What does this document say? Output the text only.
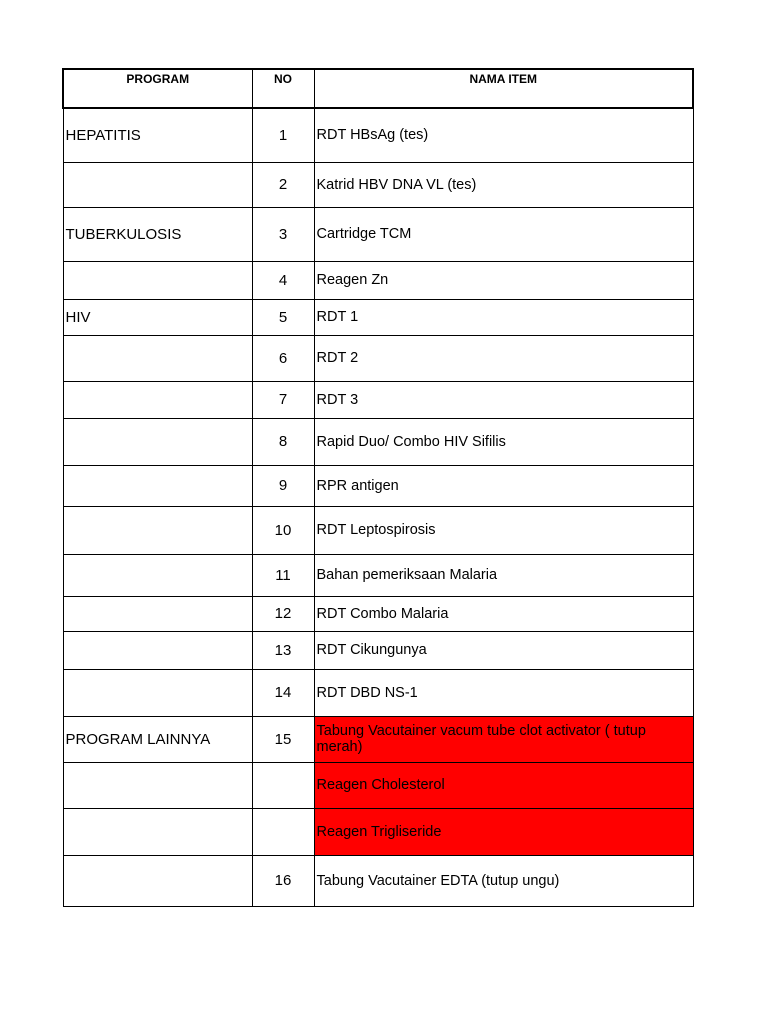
PROGRAM	NO	NAMA ITEM
HEPATITIS	1	RDT HBsAg (tes)
	2	Katrid HBV DNA VL (tes)
TUBERKULOSIS	3	Cartridge TCM
	4	Reagen Zn
HIV	5	RDT 1
	6	RDT 2
	7	RDT 3
	8	Rapid Duo/ Combo HIV Sifilis
	9	RPR antigen
	10	RDT Leptospirosis
	11	Bahan pemeriksaan Malaria
	12	RDT Combo Malaria
	13	RDT Cikungunya
	14	RDT DBD NS-1
PROGRAM LAINNYA	15	Tabung Vacutainer vacum tube clot activator ( tutup merah)
		Reagen Cholesterol
		Reagen Trigliseride
	16	Tabung Vacutainer EDTA (tutup ungu)
